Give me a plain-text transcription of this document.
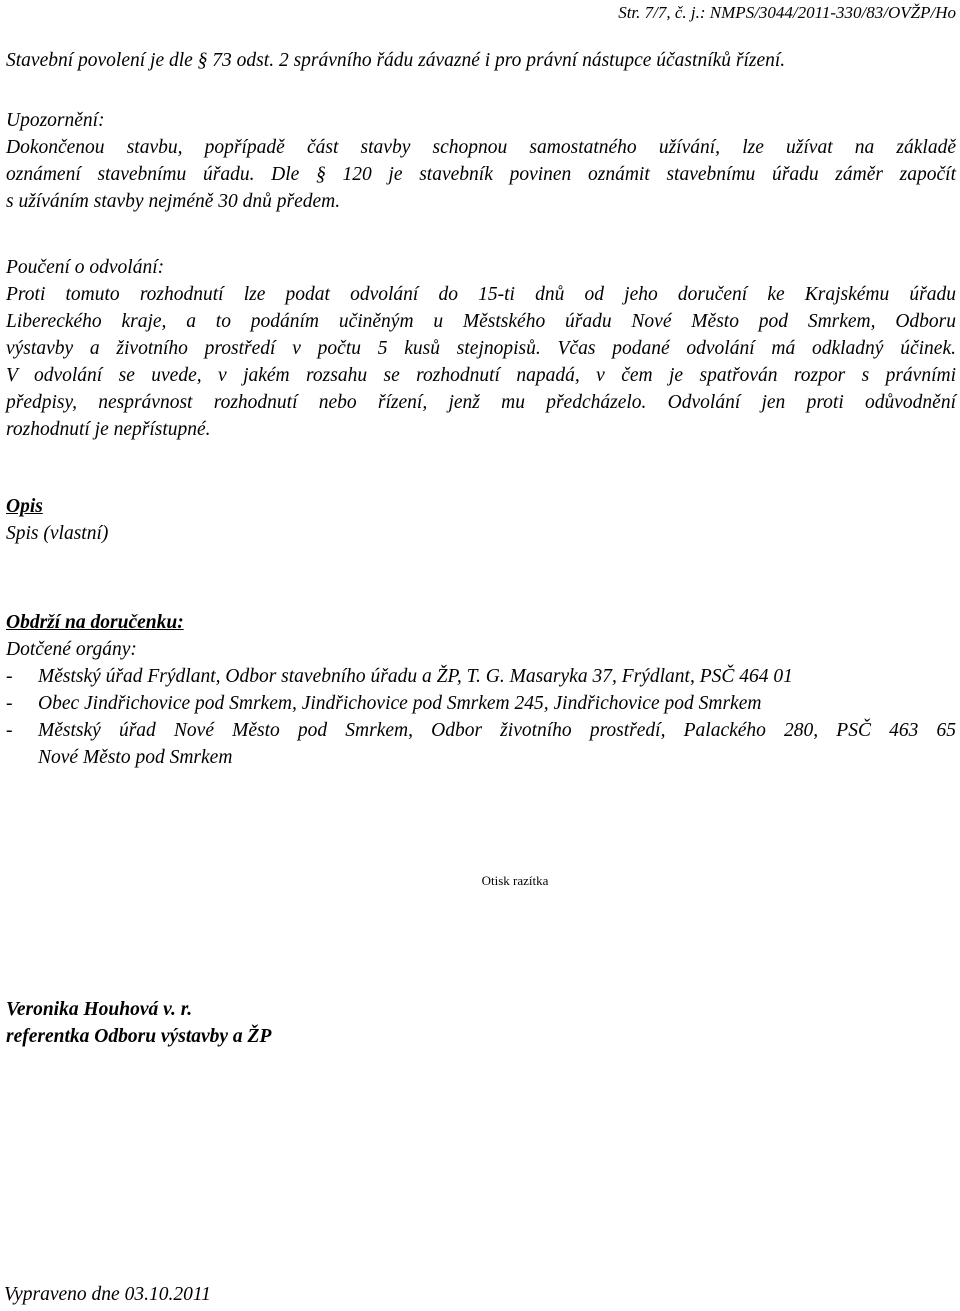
Str. 7/7, č. j.: NMPS/3044/2011-330/83/OVŽP/Ho
Stavební povolení je dle § 73 odst. 2 správního řádu závazné i pro právní nástupce účastníků řízení.
Upozornění:
Dokončenou stavbu, popřípadě část stavby schopnou samostatného užívání, lze užívat na základě
oznámení stavebnímu úřadu. Dle § 120 je stavebník povinen oznámit stavebnímu úřadu záměr započít
s užíváním stavby nejméně 30 dnů předem.
Poučení o odvolání:
Proti tomuto rozhodnutí lze podat odvolání do 15-ti dnů od jeho doručení ke Krajskému úřadu
Libereckého kraje, a to podáním učiněným u Městského úřadu Nové Město pod Smrkem, Odboru
výstavby a životního prostředí v počtu 5 kusů stejnopisů. Včas podané odvolání má odkladný účinek.
V odvolání se uvede, v jakém rozsahu se rozhodnutí napadá, v čem je spatřován rozpor s právními
předpisy, nesprávnost rozhodnutí nebo řízení, jenž mu předcházelo. Odvolání jen proti odůvodnění
rozhodnutí je nepřístupné.
Opis
Spis (vlastní)
Obdrží na doručenku:
Dotčené orgány:
- Městský úřad Frýdlant, Odbor stavebního úřadu a ŽP, T. G. Masaryka 37, Frýdlant, PSČ 464 01
- Obec Jindřichovice pod Smrkem, Jindřichovice pod Smrkem 245, Jindřichovice pod Smrkem
- Městský úřad Nové Město pod Smrkem, Odbor životního prostředí, Palackého 280, PSČ 463 65
Nové Město pod Smrkem
Otisk razítka
Veronika Houhová v. r.
referentka Odboru výstavby a ŽP
Vypraveno dne 03.10.2011
